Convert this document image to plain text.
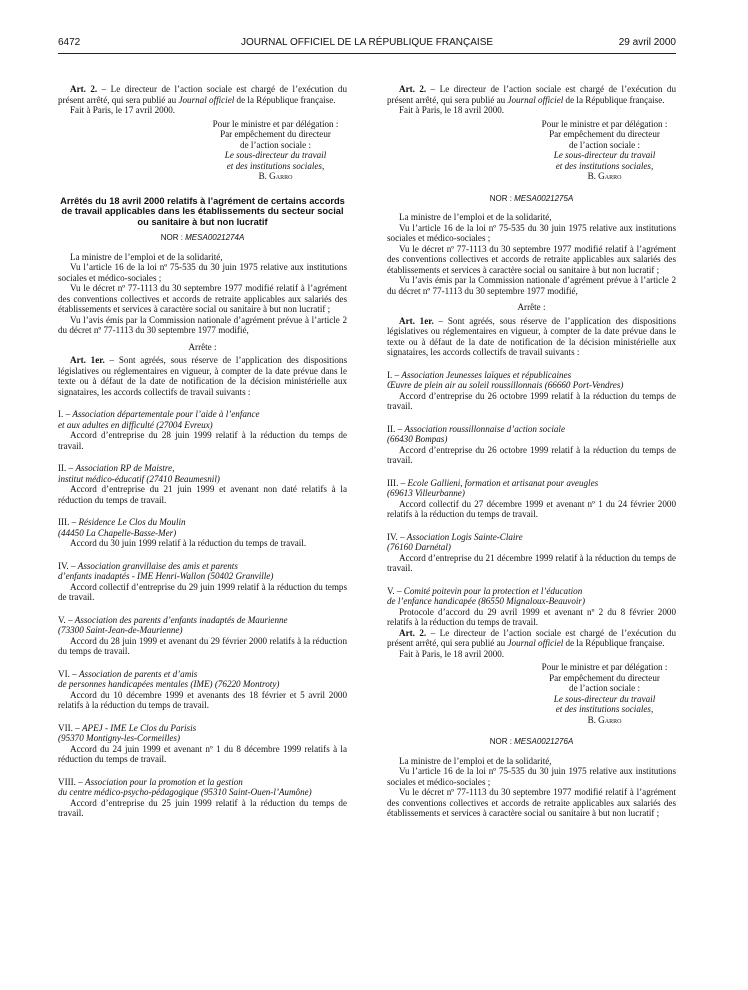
6472	JOURNAL OFFICIEL DE LA RÉPUBLIQUE FRANÇAISE	29 avril 2000

Art. 2. – Le directeur de l’action sociale est chargé de l’exécution du présent arrêté, qui sera publié au Journal officiel de la République française.

Fait à Paris, le 17 avril 2000.

Pour le ministre et par délégation :
Par empêchement du directeur
de l’action sociale :
Le sous-directeur du travail
et des institutions sociales,
B. Garro
Arrêtés du 18 avril 2000 relatifs à l’agrément de certains accords de travail applicables dans les établissements du secteur social ou sanitaire à but non lucratif
NOR : MESA0021274A

La ministre de l’emploi et de la solidarité,

Vu l’article 16 de la loi nº 75-535 du 30 juin 1975 relative aux institutions sociales et médico-sociales ;

Vu le décret nº 77-1113 du 30 septembre 1977 modifié relatif à l’agrément des conventions collectives et accords de retraite applicables aux salariés des établissements et services à caractère social ou sanitaire à but non lucratif ;

Vu l’avis émis par la Commission nationale d’agrément prévue à l’article 2 du décret nº 77-1113 du 30 septembre 1977 modifié,

Arrête :

Art. 1er. – Sont agréés, sous réserve de l’application des dispositions législatives ou réglementaires en vigueur, à compter de la date prévue dans le texte ou à défaut de la date de notification de la décision ministérielle aux signataires, les accords collectifs de travail suivants :

I. – Association départementale pour l’aide à l’enfance

et aux adultes en difficulté (27004 Evreux)

Accord d’entreprise du 28 juin 1999 relatif à la réduction du temps de travail.

II. – Association RP de Maistre,

institut médico-éducatif (27410 Beaumesnil)

Accord d’entreprise du 21 juin 1999 et avenant non daté relatifs à la réduction du temps de travail.

III. – Résidence Le Clos du Moulin

(44450 La Chapelle-Basse-Mer)

Accord du 30 juin 1999 relatif à la réduction du temps de travail.

IV. – Association granvillaise des amis et parents

d’enfants inadaptés - IME Henri-Wallon (50402 Granville)

Accord collectif d’entreprise du 29 juin 1999 relatif à la réduction du temps de travail.

V. – Association des parents d’enfants inadaptés de Maurienne

(73300 Saint-Jean-de-Maurienne)

Accord du 28 juin 1999 et avenant du 29 février 2000 relatifs à la réduction du temps de travail.

VI. – Association de parents et d’amis

de personnes handicapées mentales (IME) (76220 Montroty)

Accord du 10 décembre 1999 et avenants des 18 février et 5 avril 2000 relatifs à la réduction du temps de travail.

VII. – APEJ - IME Le Clos du Parisis

(95370 Montigny-les-Cormeilles)

Accord du 24 juin 1999 et avenant nº 1 du 8 décembre 1999 relatifs à la réduction du temps de travail.

VIII. – Association pour la promotion et la gestion

du centre médico-psycho-pédagogique (95310 Saint-Ouen-l’Aumône)

Accord d’entreprise du 25 juin 1999 relatif à la réduction du temps de travail.

Art. 2. – Le directeur de l’action sociale est chargé de l’exécution du présent arrêté, qui sera publié au Journal officiel de la République française.

Fait à Paris, le 18 avril 2000.

Pour le ministre et par délégation :
Par empêchement du directeur
de l’action sociale :
Le sous-directeur du travail
et des institutions sociales,
B. Garro
NOR : MESA0021275A

La ministre de l’emploi et de la solidarité,

Vu l’article 16 de la loi nº 75-535 du 30 juin 1975 relative aux institutions sociales et médico-sociales ;

Vu le décret nº 77-1113 du 30 septembre 1977 modifié relatif à l’agrément des conventions collectives et accords de retraite applicables aux salariés des établissements et services à caractère social ou sanitaire à but non lucratif ;

Vu l’avis émis par la Commission nationale d’agrément prévue à l’article 2 du décret nº 77-1113 du 30 septembre 1977 modifié,

Arrête :

Art. 1er. – Sont agréés, sous réserve de l’application des dispositions législatives ou réglementaires en vigueur, à compter de la date prévue dans le texte ou à défaut de la date de notification de la décision ministérielle aux signataires, les accords collectifs de travail suivants :

I. – Association Jeunesses laïques et républicaines

Œuvre de plein air au soleil roussillonnais (66660 Port-Vendres)

Accord d’entreprise du 26 octobre 1999 relatif à la réduction du temps de travail.

II. – Association roussillonnaise d’action sociale

(66430 Bompas)

Accord d’entreprise du 26 octobre 1999 relatif à la réduction du temps de travail.

III. – Ecole Gallieni, formation et artisanat pour aveugles

(69613 Villeurbanne)

Accord collectif du 27 décembre 1999 et avenant nº 1 du 24 février 2000 relatifs à la réduction du temps de travail.

IV. – Association Logis Sainte-Claire

(76160 Darnétal)

Accord d’entreprise du 21 décembre 1999 relatif à la réduction du temps de travail.

V. – Comité poitevin pour la protection et l’éducation

de l’enfance handicapée (86550 Mignaloux-Beauvoir)

Protocole d’accord du 29 avril 1999 et avenant nº 2 du 8 février 2000 relatifs à la réduction du temps de travail.

Art. 2. – Le directeur de l’action sociale est chargé de l’exécution du présent arrêté, qui sera publié au Journal officiel de la République française.

Fait à Paris, le 18 avril 2000.

Pour le ministre et par délégation :
Par empêchement du directeur
de l’action sociale :
Le sous-directeur du travail
et des institutions sociales,
B. Garro
NOR : MESA0021276A

La ministre de l’emploi et de la solidarité,

Vu l’article 16 de la loi nº 75-535 du 30 juin 1975 relative aux institutions sociales et médico-sociales ;

Vu le décret nº 77-1113 du 30 septembre 1977 modifié relatif à l’agrément des conventions collectives et accords de retraite applicables aux salariés des établissements et services à caractère social ou sanitaire à but non lucratif ;
